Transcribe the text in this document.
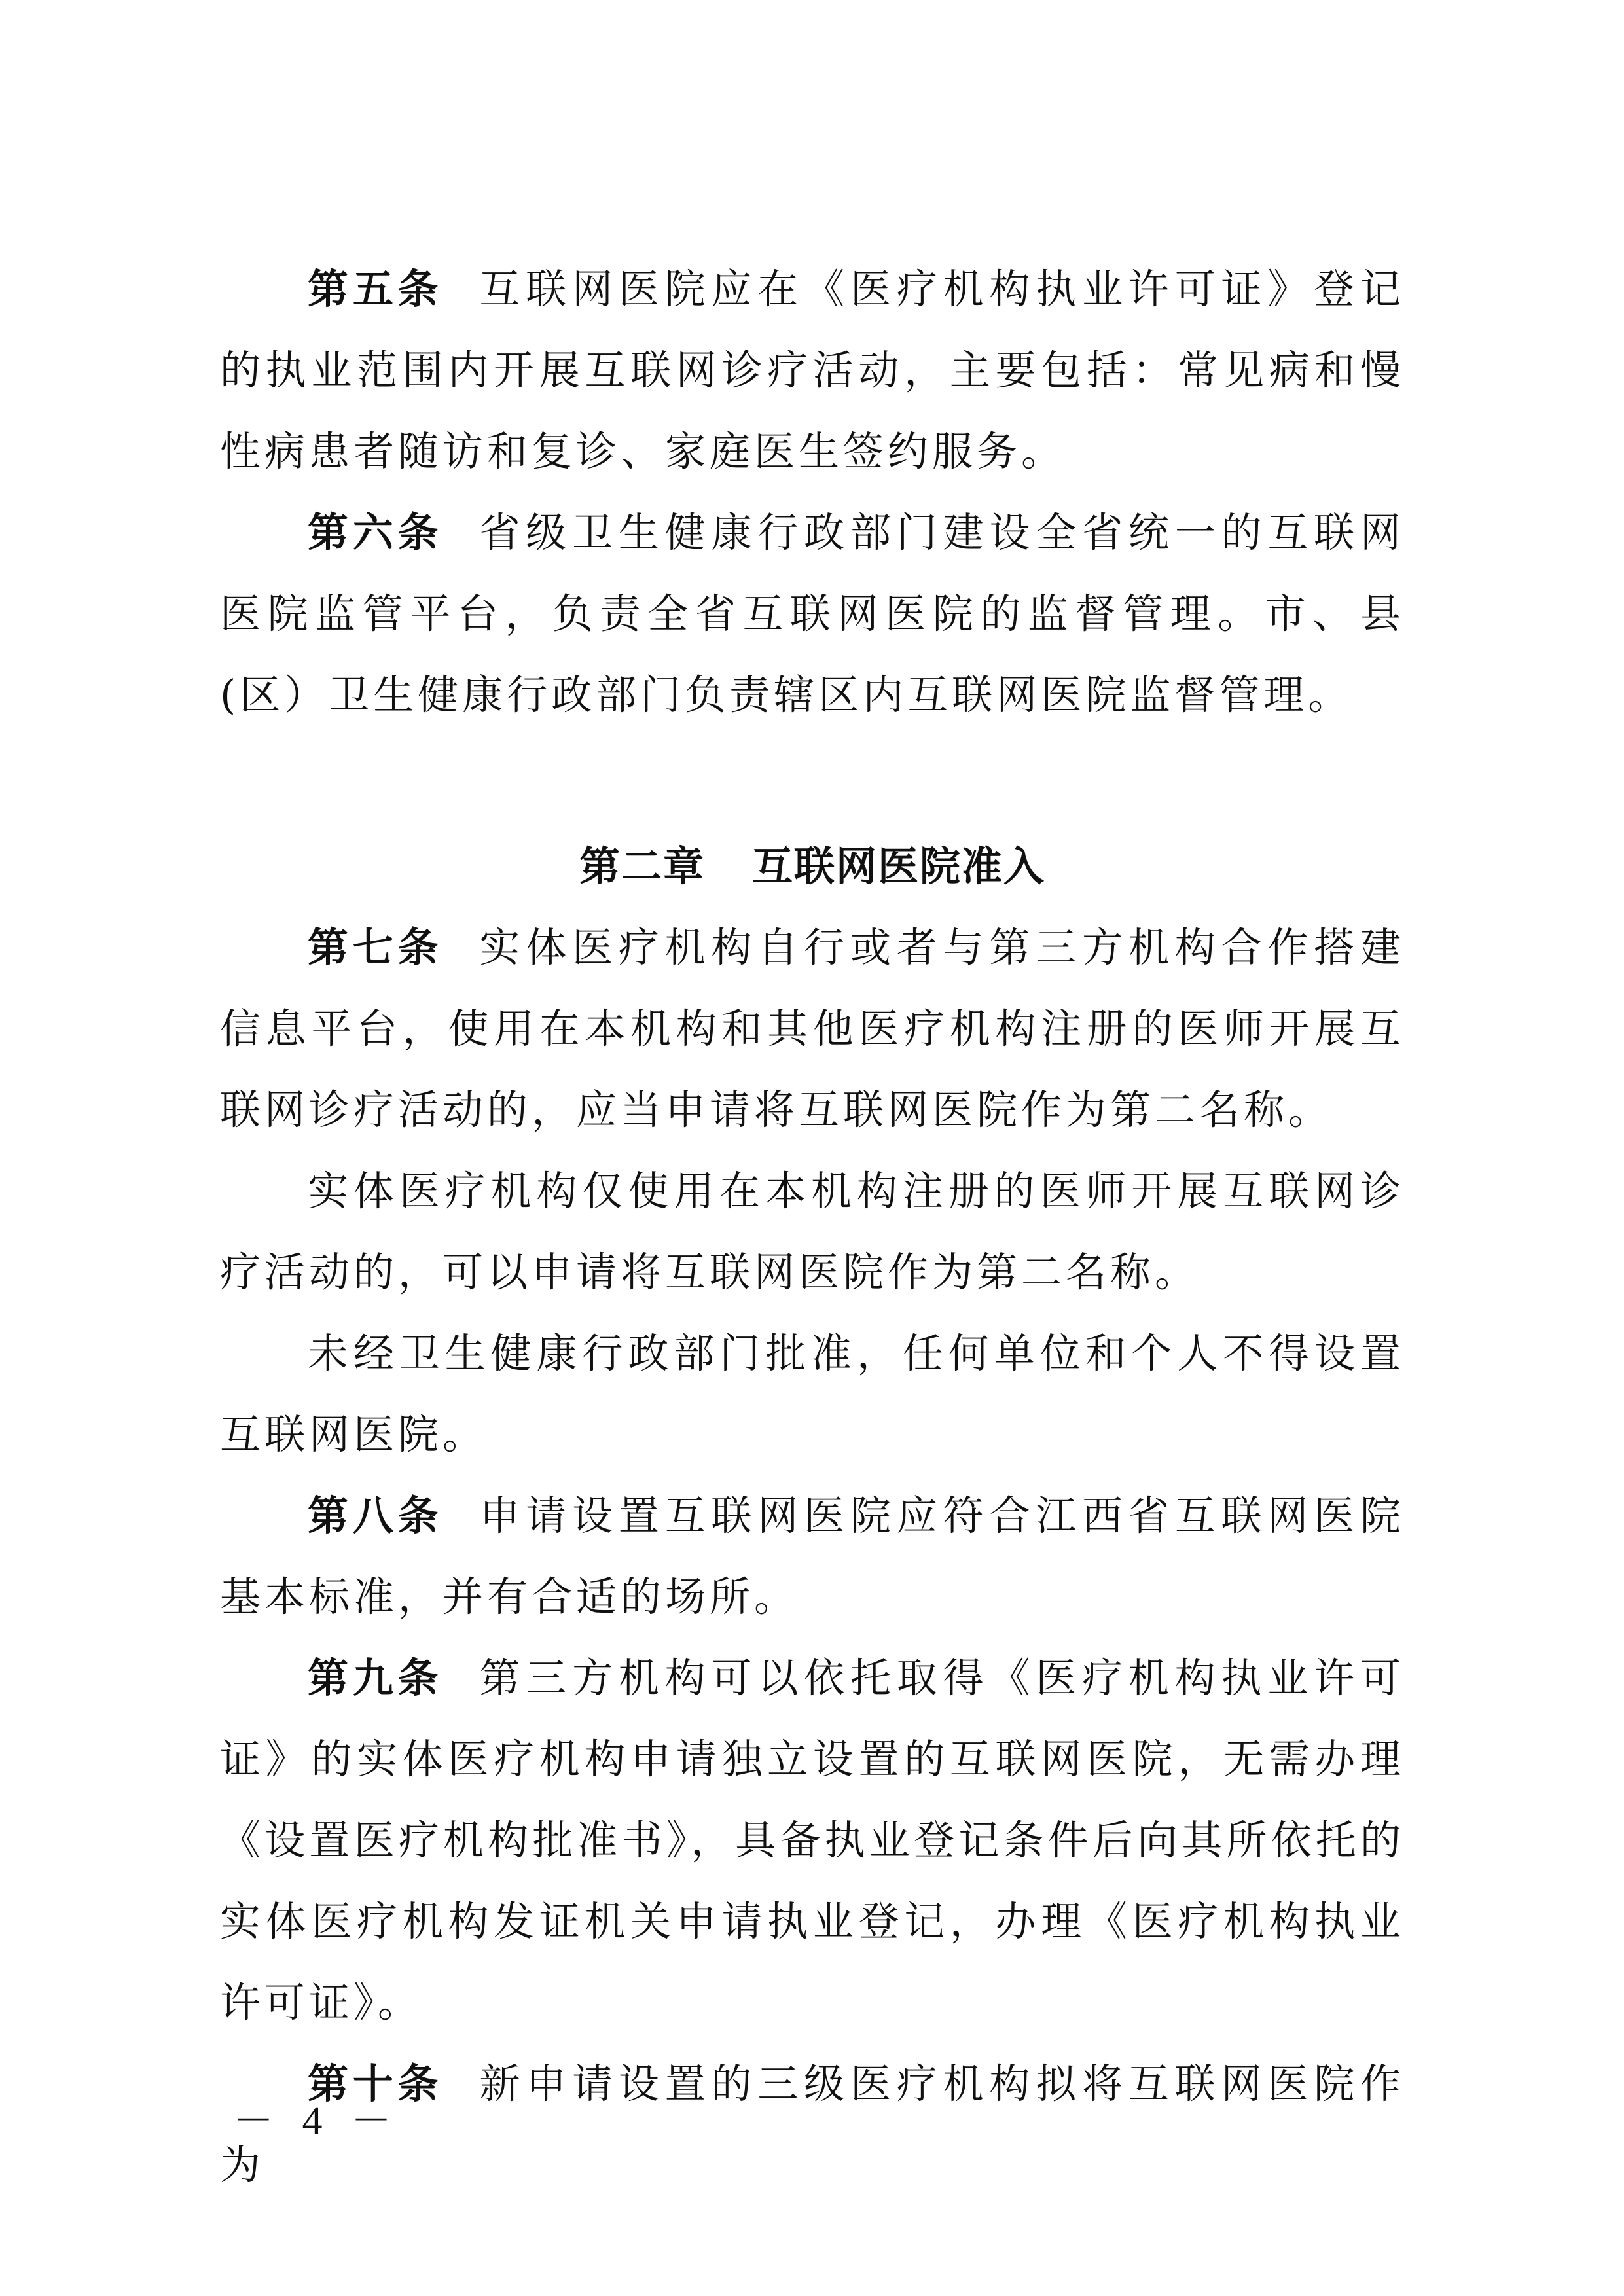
第五条 互联网医院应在《医疗机构执业许可证》登记的执业范围内开展互联网诊疗活动，主要包括：常见病和慢性病患者随访和复诊、家庭医生签约服务。

第六条 省级卫生健康行政部门建设全省统一的互联网医院监管平台，负责全省互联网医院的监督管理。市、县(区）卫生健康行政部门负责辖区内互联网医院监督管理。

第二章 互联网医院准入

第七条 实体医疗机构自行或者与第三方机构合作搭建信息平台，使用在本机构和其他医疗机构注册的医师开展互联网诊疗活动的，应当申请将互联网医院作为第二名称。

实体医疗机构仅使用在本机构注册的医师开展互联网诊疗活动的，可以申请将互联网医院作为第二名称。

未经卫生健康行政部门批准，任何单位和个人不得设置互联网医院。

第八条 申请设置互联网医院应符合江西省互联网医院基本标准，并有合适的场所。

第九条 第三方机构可以依托取得《医疗机构执业许可证》的实体医疗机构申请独立设置的互联网医院，无需办理《设置医疗机构批准书》，具备执业登记条件后向其所依托的实体医疗机构发证机关申请执业登记，办理《医疗机构执业许可证》。

第十条 新申请设置的三级医疗机构拟将互联网医院作为

－ 4 －
